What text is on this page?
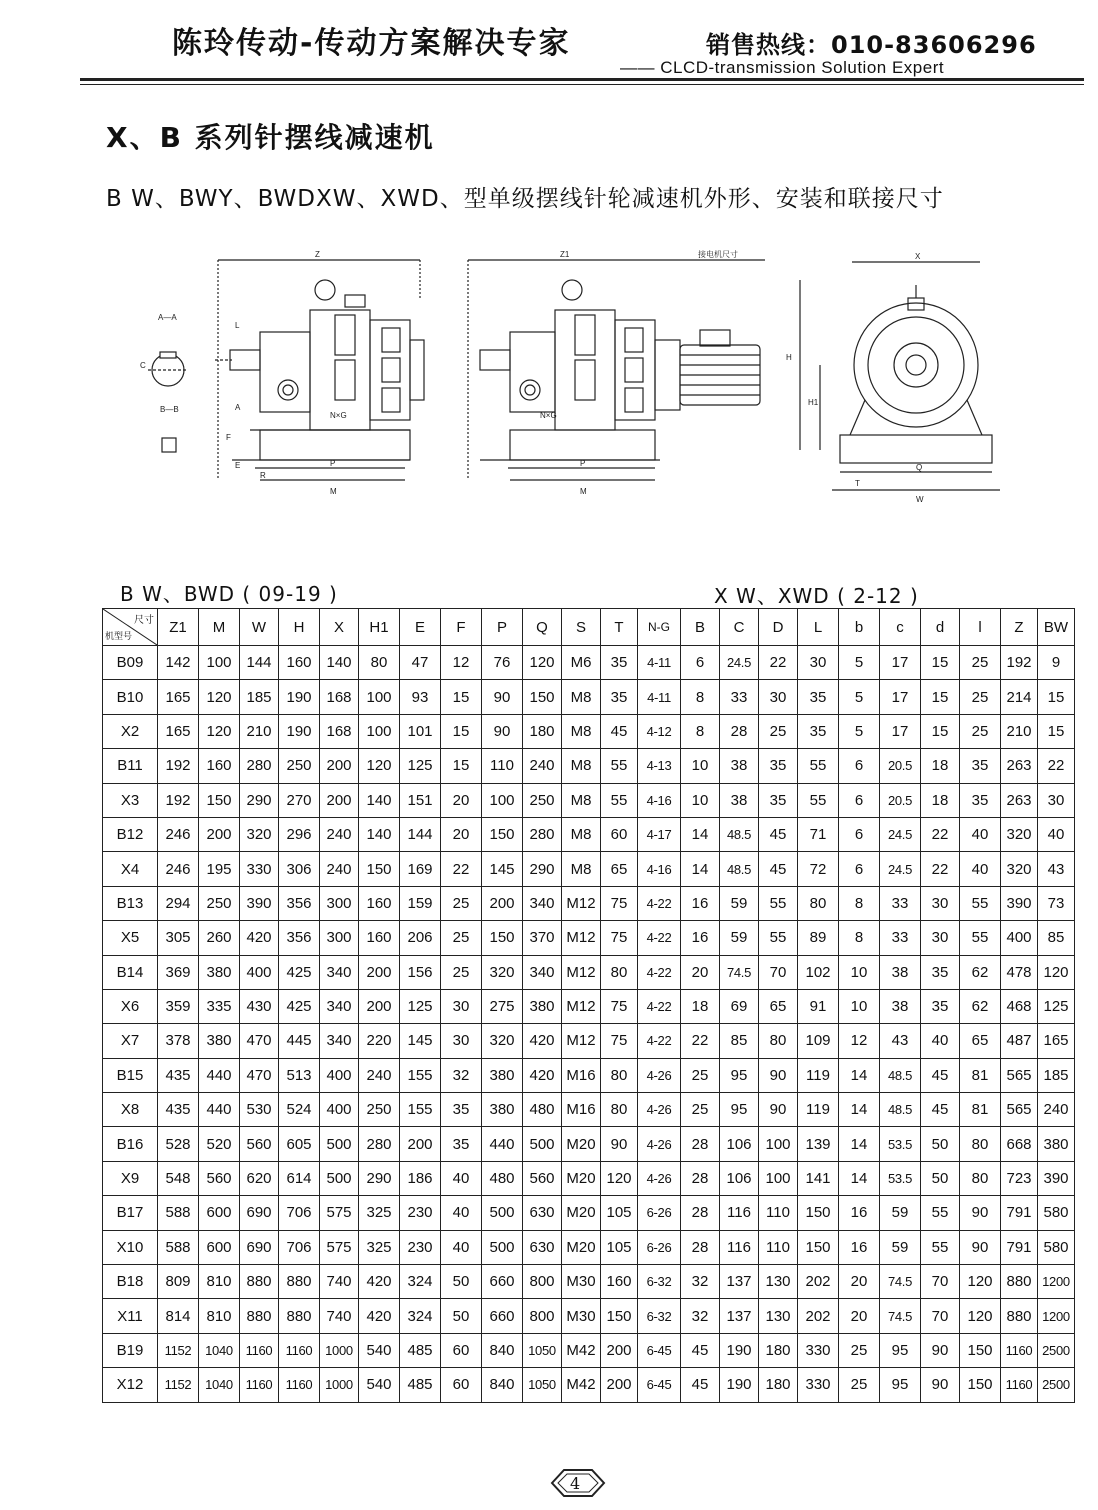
陈玲传动-传动方案解决专家	销售热线：010-83606296
—— CLCD-transmission Solution Expert
X、B 系列针摆线减速机
B W、BWY、BWDXW、XWD、型单级摆线针轮减速机外形、安装和联接尺寸
Z
A—A
B—B
C
N×G
P
M
L
A
F
E
R
Z1	接电机尺寸
N×G
P
M
X
H
H1
Q
W
T
B W、BWD ( 09-19 )	X W、XWD ( 2-12 )
尺寸
机型号	Z1	M	W	H	X	H1	E	F	P	Q	S	T	N-G	B	C	D	L	b	c	d	l	Z	BW
B09	142	100	144	160	140	80	47	12	76	120	M6	35	4-11	6	24.5	22	30	5	17	15	25	192	9
B10	165	120	185	190	168	100	93	15	90	150	M8	35	4-11	8	33	30	35	5	17	15	25	214	15
X2	165	120	210	190	168	100	101	15	90	180	M8	45	4-12	8	28	25	35	5	17	15	25	210	15
B11	192	160	280	250	200	120	125	15	110	240	M8	55	4-13	10	38	35	55	6	20.5	18	35	263	22
X3	192	150	290	270	200	140	151	20	100	250	M8	55	4-16	10	38	35	55	6	20.5	18	35	263	30
B12	246	200	320	296	240	140	144	20	150	280	M8	60	4-17	14	48.5	45	71	6	24.5	22	40	320	40
X4	246	195	330	306	240	150	169	22	145	290	M8	65	4-16	14	48.5	45	72	6	24.5	22	40	320	43
B13	294	250	390	356	300	160	159	25	200	340	M12	75	4-22	16	59	55	80	8	33	30	55	390	73
X5	305	260	420	356	300	160	206	25	150	370	M12	75	4-22	16	59	55	89	8	33	30	55	400	85
B14	369	380	400	425	340	200	156	25	320	340	M12	80	4-22	20	74.5	70	102	10	38	35	62	478	120
X6	359	335	430	425	340	200	125	30	275	380	M12	75	4-22	18	69	65	91	10	38	35	62	468	125
X7	378	380	470	445	340	220	145	30	320	420	M12	75	4-22	22	85	80	109	12	43	40	65	487	165
B15	435	440	470	513	400	240	155	32	380	420	M16	80	4-26	25	95	90	119	14	48.5	45	81	565	185
X8	435	440	530	524	400	250	155	35	380	480	M16	80	4-26	25	95	90	119	14	48.5	45	81	565	240
B16	528	520	560	605	500	280	200	35	440	500	M20	90	4-26	28	106	100	139	14	53.5	50	80	668	380
X9	548	560	620	614	500	290	186	40	480	560	M20	120	4-26	28	106	100	141	14	53.5	50	80	723	390
B17	588	600	690	706	575	325	230	40	500	630	M20	105	6-26	28	116	110	150	16	59	55	90	791	580
X10	588	600	690	706	575	325	230	40	500	630	M20	105	6-26	28	116	110	150	16	59	55	90	791	580
B18	809	810	880	880	740	420	324	50	660	800	M30	160	6-32	32	137	130	202	20	74.5	70	120	880	1200
X11	814	810	880	880	740	420	324	50	660	800	M30	150	6-32	32	137	130	202	20	74.5	70	120	880	1200
B19	1152	1040	1160	1160	1000	540	485	60	840	1050	M42	200	6-45	45	190	180	330	25	95	90	150	1160	2500
X12	1152	1040	1160	1160	1000	540	485	60	840	1050	M42	200	6-45	45	190	180	330	25	95	90	150	1160	2500
4
